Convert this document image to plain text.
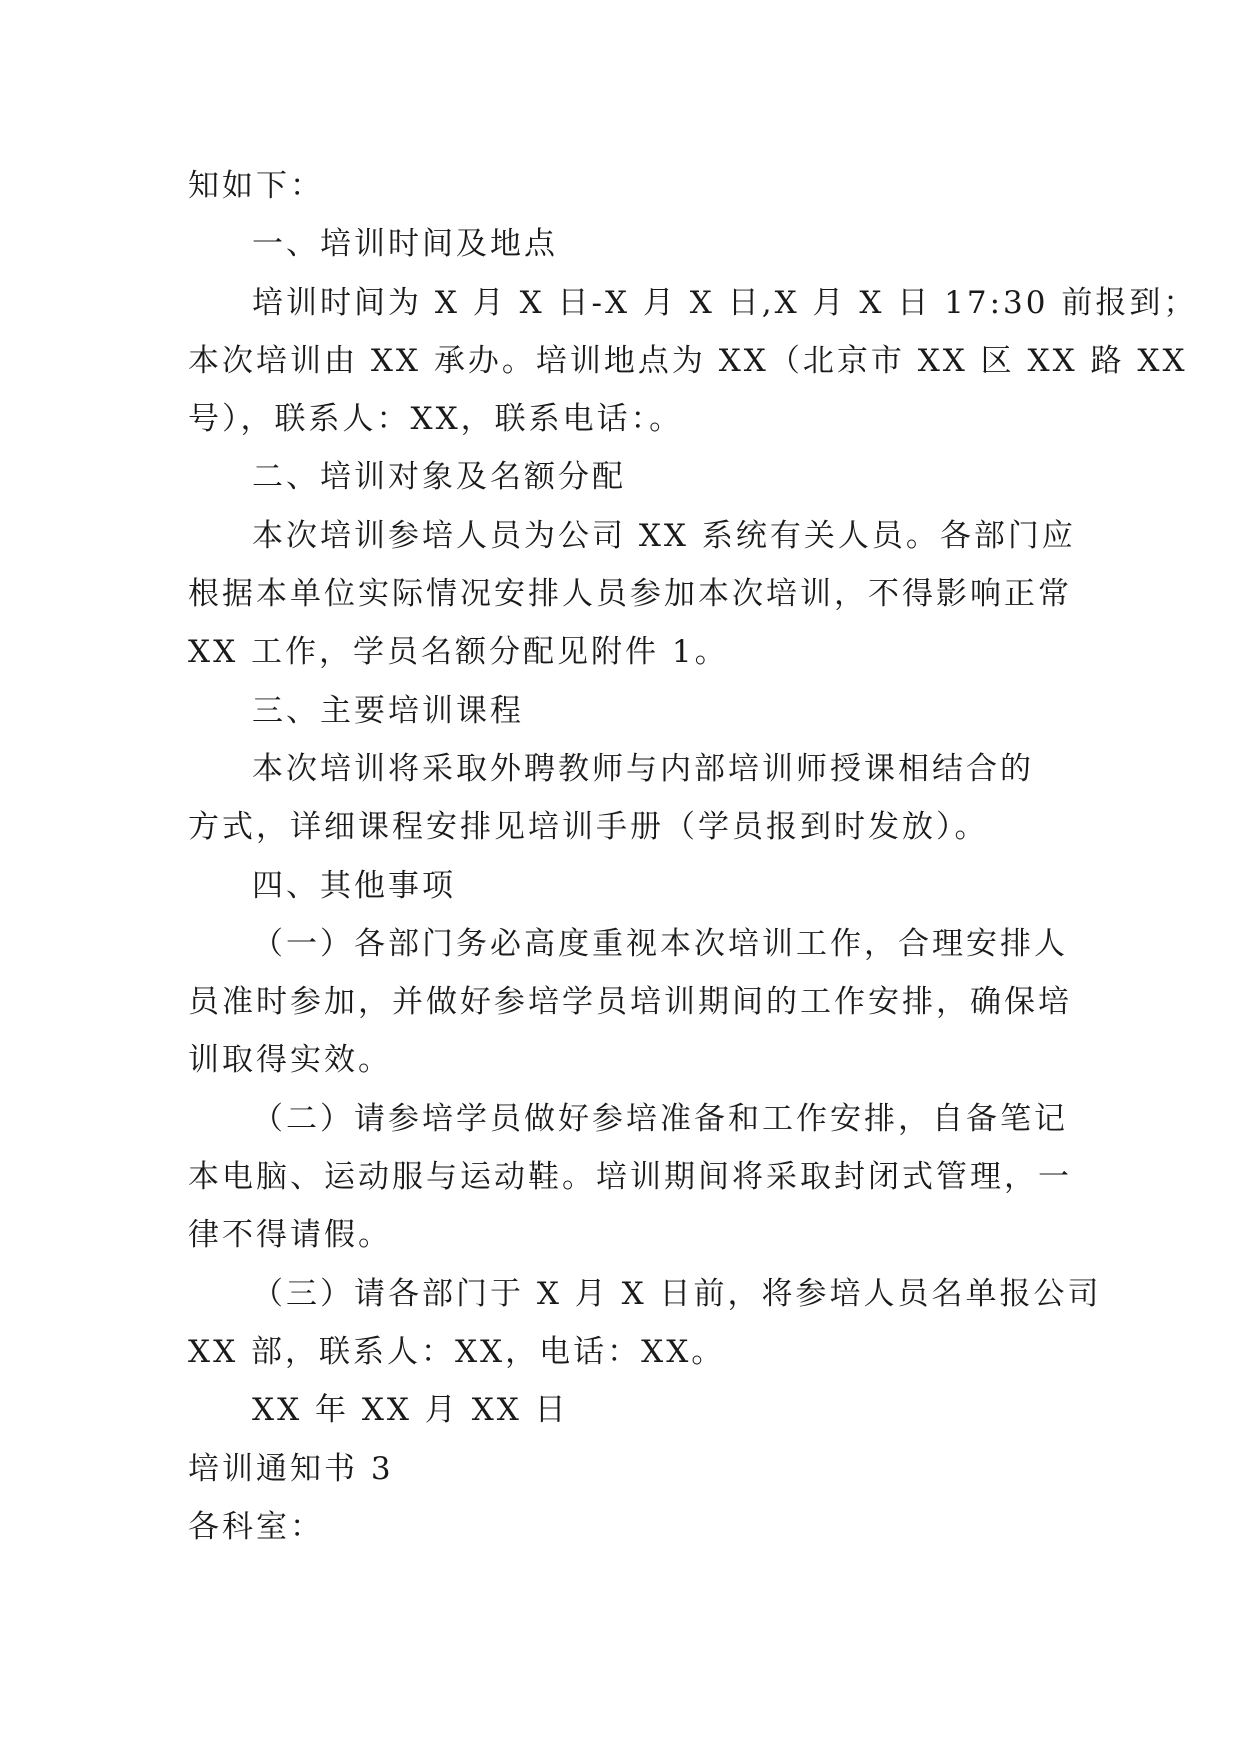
知如下：
一、培训时间及地点
培训时间为 X 月 X 日-X 月 X 日,X 月 X 日 17:30 前报到；
本次培训由 XX 承办。培训地点为 XX（北京市 XX 区 XX 路 XX
号），联系人：XX，联系电话：。
二、培训对象及名额分配
本次培训参培人员为公司 XX 系统有关人员。各部门应
根据本单位实际情况安排人员参加本次培训，不得影响正常
XX 工作，学员名额分配见附件 1。
三、主要培训课程
本次培训将采取外聘教师与内部培训师授课相结合的
方式，详细课程安排见培训手册（学员报到时发放）。
四、其他事项
（一）各部门务必高度重视本次培训工作，合理安排人
员准时参加，并做好参培学员培训期间的工作安排，确保培
训取得实效。
（二）请参培学员做好参培准备和工作安排，自备笔记
本电脑、运动服与运动鞋。培训期间将采取封闭式管理，一
律不得请假。
（三）请各部门于 X 月 X 日前，将参培人员名单报公司
XX 部，联系人：XX，电话：XX。
XX 年 XX 月 XX 日
培训通知书 3
各科室：
